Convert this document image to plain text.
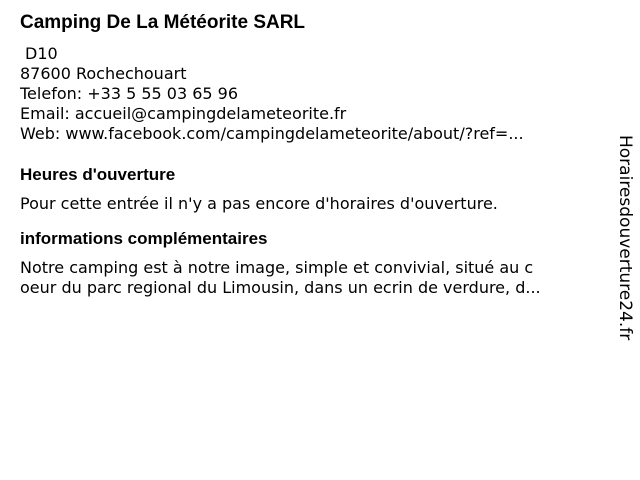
Camping De La Météorite SARL
D10
87600 Rochechouart
Telefon: +33 5 55 03 65 96
Email: accueil@campingdelameteorite.fr
Web: www.facebook.com/campingdelameteorite/about/?ref=...
Heures d'ouverture
Pour cette entrée il n'y a pas encore d'horaires d'ouverture.
informations complémentaires
Notre camping est à notre image, simple et convivial, situé au c
oeur du parc regional du Limousin, dans un ecrin de verdure, d...	Horairesdouverture24.fr
